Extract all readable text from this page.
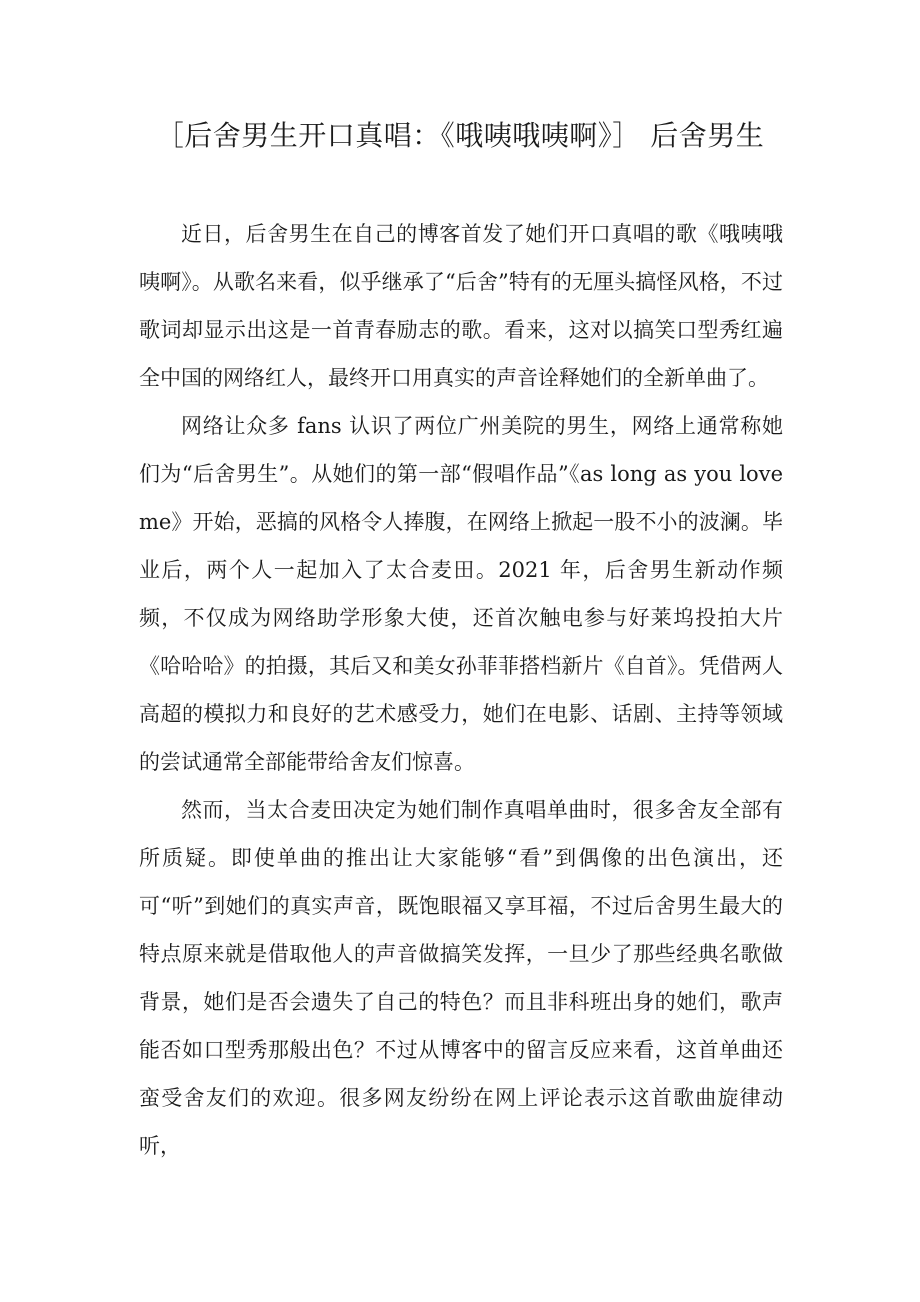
［后舍男生开口真唱：《哦咦哦咦啊》］ 后舍男生

近日，后舍男生在自己的博客首发了她们开口真唱的歌《哦咦哦咦啊》。从歌名来看，似乎继承了“后舍”特有的无厘头搞怪风格，不过歌词却显示出这是一首青春励志的歌。看来，这对以搞笑口型秀红遍全中国的网络红人，最终开口用真实的声音诠释她们的全新单曲了。

网络让众多 fans 认识了两位广州美院的男生，网络上通常称她们为“后舍男生”。从她们的第一部“假唱作品”《as long as you love me》开始，恶搞的风格令人捧腹，在网络上掀起一股不小的波澜。毕业后，两个人一起加入了太合麦田。2021 年，后舍男生新动作频频，不仅成为网络助学形象大使，还首次触电参与好莱坞投拍大片《哈哈哈》的拍摄，其后又和美女孙菲菲搭档新片《自首》。凭借两人高超的模拟力和良好的艺术感受力，她们在电影、话剧、主持等领域的尝试通常全部能带给舍友们惊喜。

然而，当太合麦田决定为她们制作真唱单曲时，很多舍友全部有所质疑。即使单曲的推出让大家能够“看”到偶像的出色演出，还可“听”到她们的真实声音，既饱眼福又享耳福，不过后舍男生最大的特点原来就是借取他人的声音做搞笑发挥，一旦少了那些经典名歌做背景，她们是否会遗失了自己的特色？而且非科班出身的她们，歌声能否如口型秀那般出色？不过从博客中的留言反应来看，这首单曲还蛮受舍友们的欢迎。很多网友纷纷在网上评论表示这首歌曲旋律动听，
